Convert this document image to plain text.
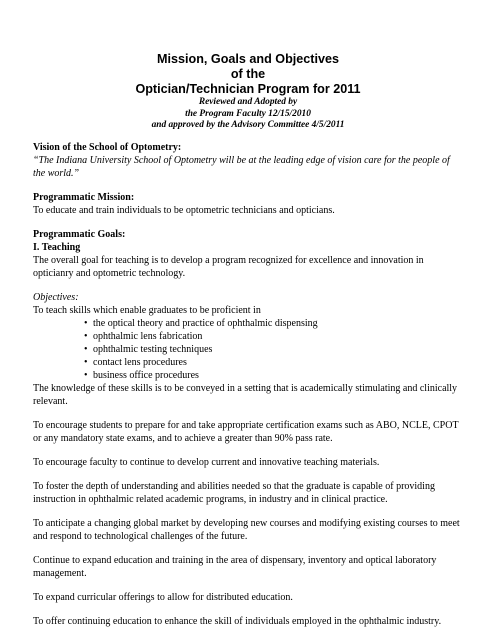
Mission, Goals and Objectives

of the

Optician/Technician Program for 2011

Reviewed and Adopted by

the Program Faculty 12/15/2010

and approved by the Advisory Committee 4/5/2011

Vision of the School of Optometry:

“The Indiana University School of Optometry will be at the leading edge of vision care for the people of the world.”

Programmatic Mission:

To educate and train individuals to be optometric technicians and opticians.

Programmatic Goals:

I. Teaching

The overall goal for teaching is to develop a program recognized for excellence and innovation in opticianry and optometric technology.

Objectives:

To teach skills which enable graduates to be proficient in

• the optical theory and practice of ophthalmic dispensing
• ophthalmic lens fabrication
• ophthalmic testing techniques
• contact lens procedures
• business office procedures

The knowledge of these skills is to be conveyed in a setting that is academically stimulating and clinically relevant.

To encourage students to prepare for and take appropriate certification exams such as ABO, NCLE, CPOT or any mandatory state exams, and to achieve a greater than 90% pass rate.

To encourage faculty to continue to develop current and innovative teaching materials.

To foster the depth of understanding and abilities needed so that the graduate is capable of providing instruction in ophthalmic related academic programs, in industry and in clinical practice.

To anticipate a changing global market by developing new courses and modifying existing courses to meet and respond to technological challenges of the future.

Continue to expand education and training in the area of dispensary, inventory and optical laboratory management.

To expand curricular offerings to allow for distributed education.

To offer continuing education to enhance the skill of individuals employed in the ophthalmic industry.
